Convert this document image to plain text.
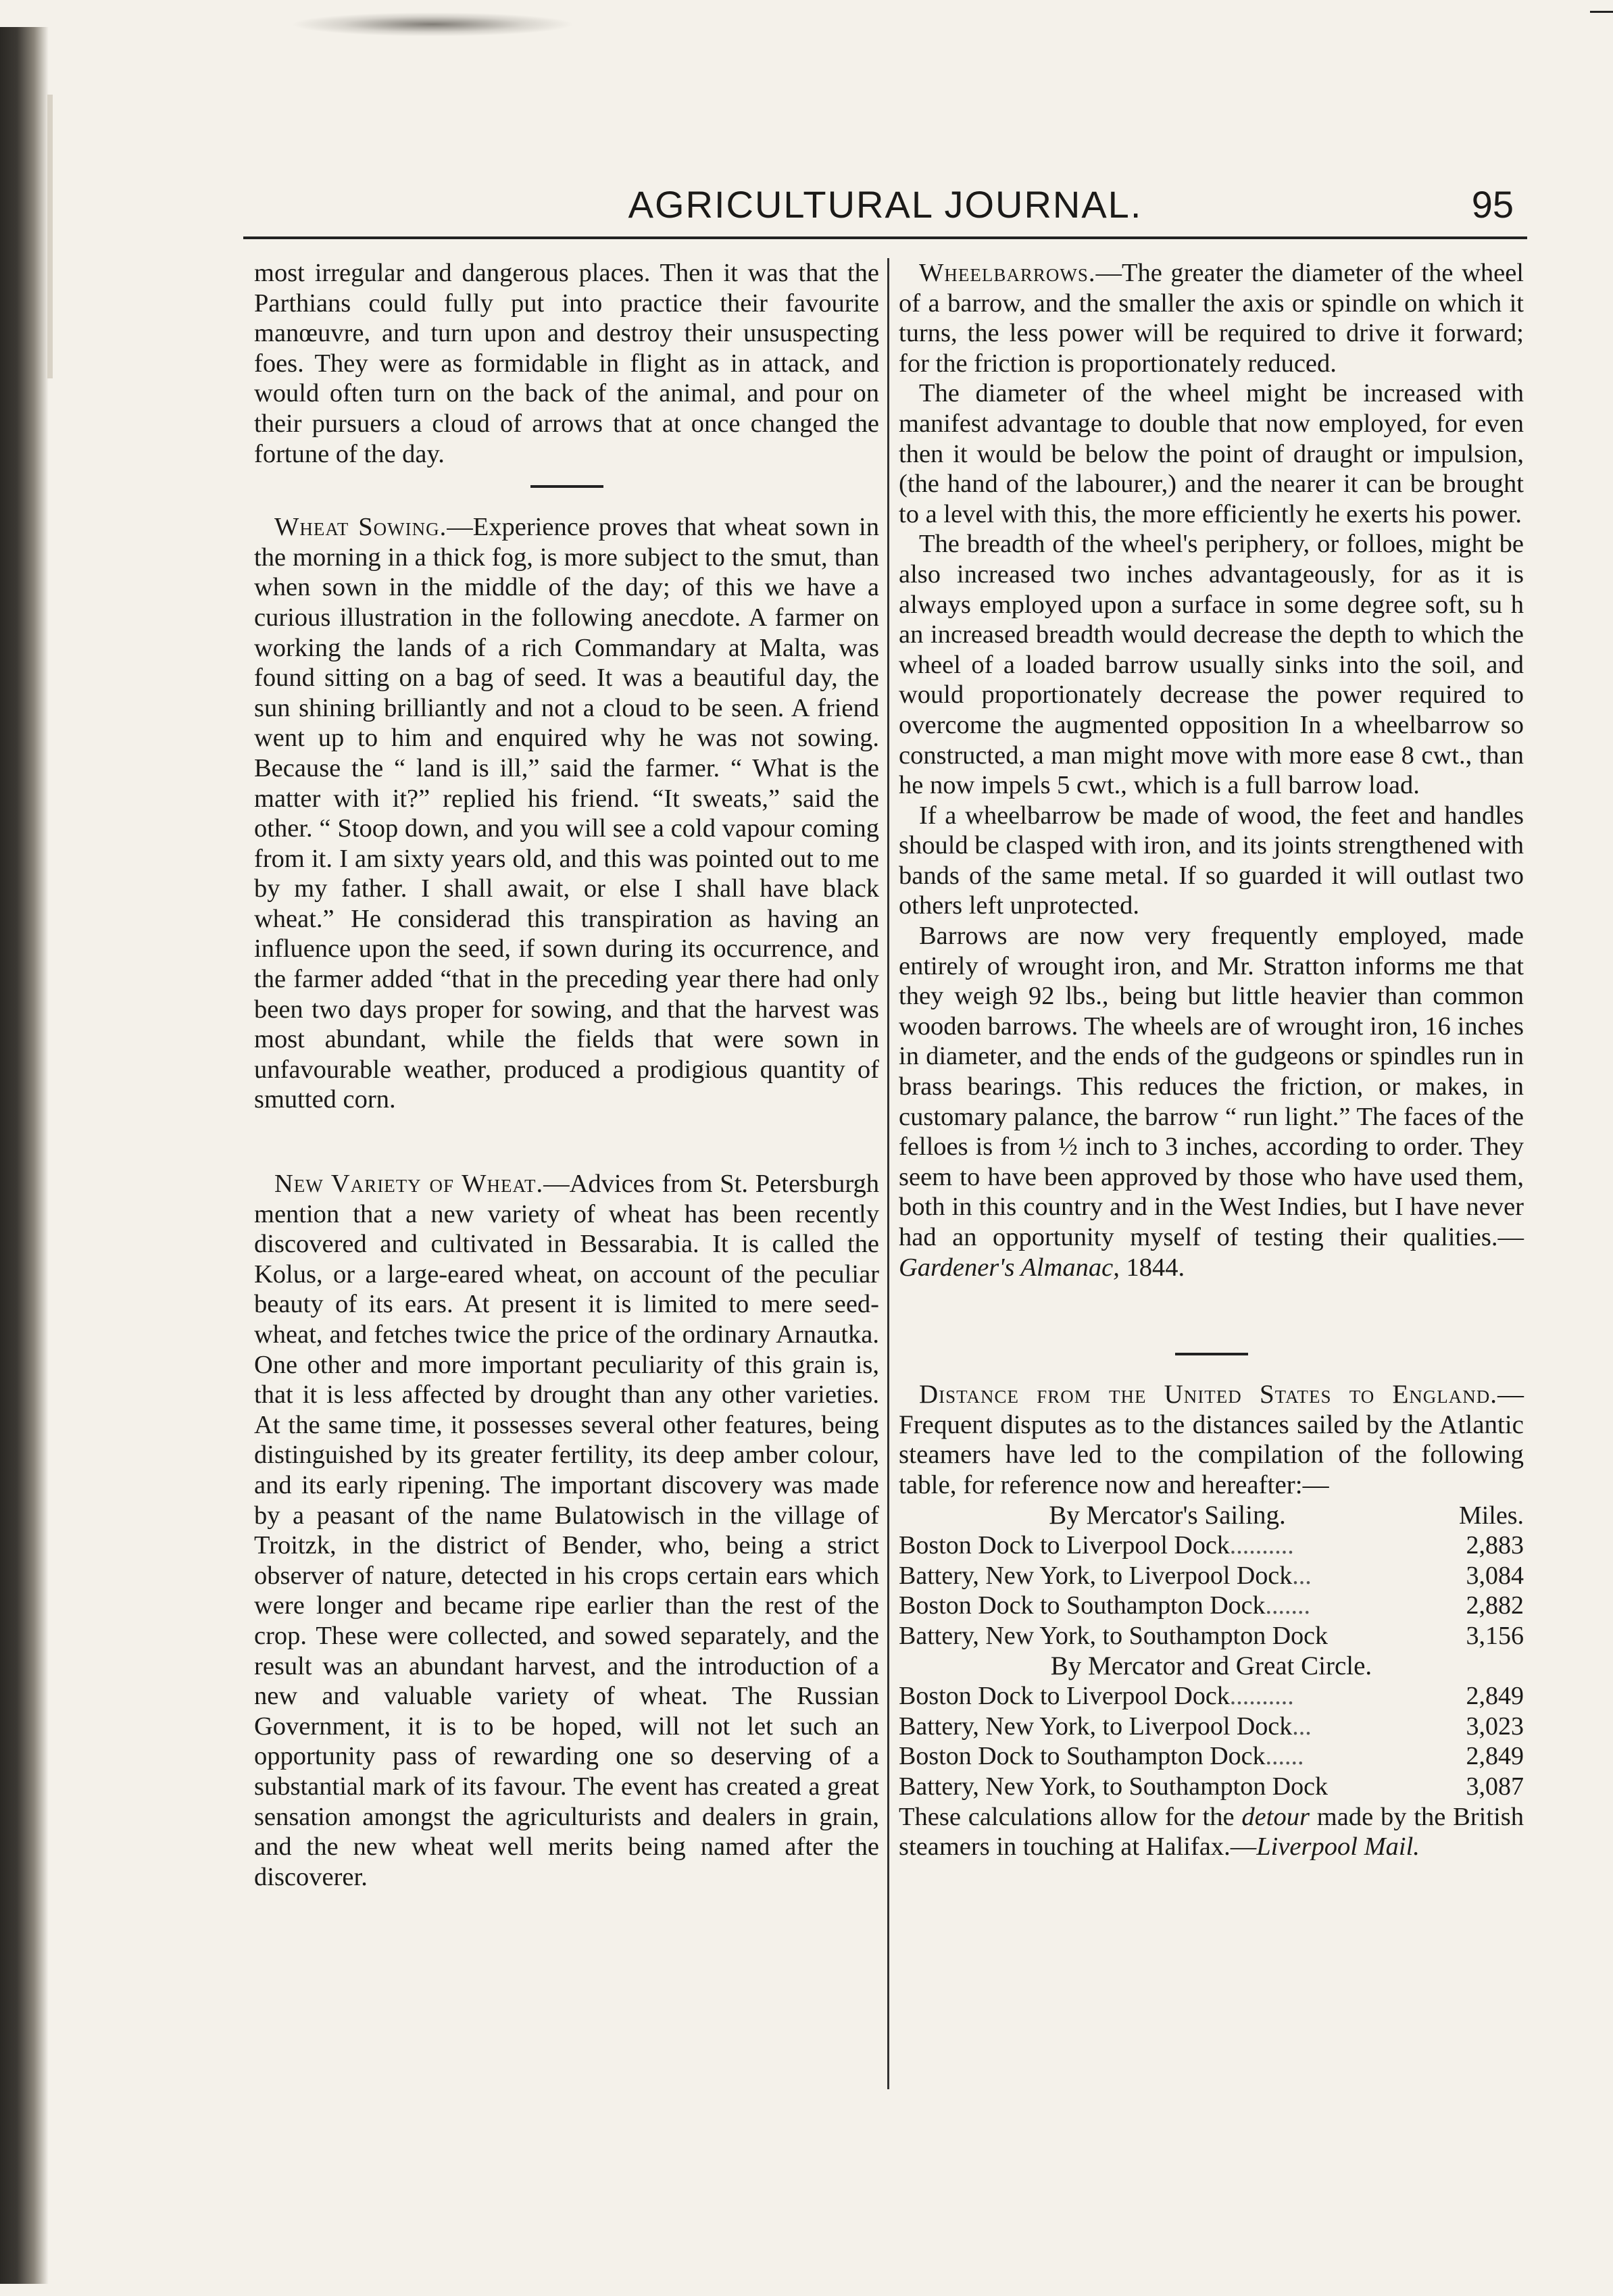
AGRICULTURAL JOURNAL.	95

most irregular and dangerous places. Then it was that the Parthians could fully put into practice their favourite manœuvre, and turn upon and destroy their unsuspecting foes. They were as formidable in flight as in attack, and would often turn on the back of the animal, and pour on their pursuers a cloud of arrows that at once changed the fortune of the day.

Wheat Sowing.—Experience proves that wheat sown in the morning in a thick fog, is more subject to the smut, than when sown in the middle of the day; of this we have a curious illustration in the following anecdote. A farmer on working the lands of a rich Commandary at Malta, was found sitting on a bag of seed. It was a beautiful day, the sun shining brilliantly and not a cloud to be seen. A friend went up to him and enquired why he was not sowing. Because the “ land is ill,” said the farmer. “ What is the matter with it?” replied his friend. “It sweats,” said the other. “ Stoop down, and you will see a cold vapour coming from it. I am sixty years old, and this was pointed out to me by my father. I shall await, or else I shall have black wheat.” He considerad this transpiration as having an influence upon the seed, if sown during its occurrence, and the farmer added “that in the preceding year there had only been two days proper for sowing, and that the harvest was most abundant, while the fields that were sown in unfavourable weather, produced a prodigious quantity of smutted corn.

New Variety of Wheat.—Advices from St. Petersburgh mention that a new variety of wheat has been recently discovered and cultivated in Bessarabia. It is called the Kolus, or a large-eared wheat, on account of the peculiar beauty of its ears. At present it is limited to mere seed-wheat, and fetches twice the price of the ordinary Arnautka. One other and more important peculiarity of this grain is, that it is less affected by drought than any other varieties. At the same time, it possesses several other features, being distinguished by its greater fertility, its deep amber colour, and its early ripening. The important discovery was made by a peasant of the name Bulatowisch in the village of Troitzk, in the district of Bender, who, being a strict observer of nature, detected in his crops certain ears which were longer and became ripe earlier than the rest of the crop. These were collected, and sowed separately, and the result was an abundant harvest, and the introduction of a new and valuable variety of wheat. The Russian Government, it is to be hoped, will not let such an opportunity pass of rewarding one so deserving of a substantial mark of its favour. The event has created a great sensation amongst the agriculturists and dealers in grain, and the new wheat well merits being named after the discoverer.

Wheelbarrows.—The greater the diameter of the wheel of a barrow, and the smaller the axis or spindle on which it turns, the less power will be required to drive it forward; for the friction is proportionately reduced.

The diameter of the wheel might be increased with manifest advantage to double that now employed, for even then it would be below the point of draught or impulsion, (the hand of the labourer,) and the nearer it can be brought to a level with this, the more efficiently he exerts his power.

The breadth of the wheel's periphery, or folloes, might be also increased two inches advantageously, for as it is always employed upon a surface in some degree soft, su h an increased breadth would decrease the depth to which the wheel of a loaded barrow usually sinks into the soil, and would proportionately decrease the power required to overcome the augmented opposition In a wheelbarrow so constructed, a man might move with more ease 8 cwt., than he now impels 5 cwt., which is a full barrow load.

If a wheelbarrow be made of wood, the feet and handles should be clasped with iron, and its joints strengthened with bands of the same metal. If so guarded it will outlast two others left unprotected.

Barrows are now very frequently employed, made entirely of wrought iron, and Mr. Stratton informs me that they weigh 92 lbs., being but little heavier than common wooden barrows. The wheels are of wrought iron, 16 inches in diameter, and the ends of the gudgeons or spindles run in brass bearings. This reduces the friction, or makes, in customary palance, the barrow “ run light.” The faces of the felloes is from ½ inch to 3 inches, according to order. They seem to have been approved by those who have used them, both in this country and in the West Indies, but I have never had an opportunity myself of testing their qualities.—Gardener's Almanac, 1844.

Distance from the United States to England.—Frequent disputes as to the distances sailed by the Atlantic steamers have led to the compilation of the following table, for reference now and hereafter:—

By Mercator's Sailing.	Miles.
Boston Dock to Liverpool Dock..........	2,883
Battery, New York, to Liverpool Dock...	3,084
Boston Dock to Southampton Dock.......	2,882
Battery, New York, to Southampton Dock	3,156
By Mercator and Great Circle.	
Boston Dock to Liverpool Dock..........	2,849
Battery, New York, to Liverpool Dock...	3,023
Boston Dock to Southampton Dock......	2,849
Battery, New York, to Southampton Dock	3,087

These calculations allow for the detour made by the British steamers in touching at Halifax.—Liverpool Mail.
